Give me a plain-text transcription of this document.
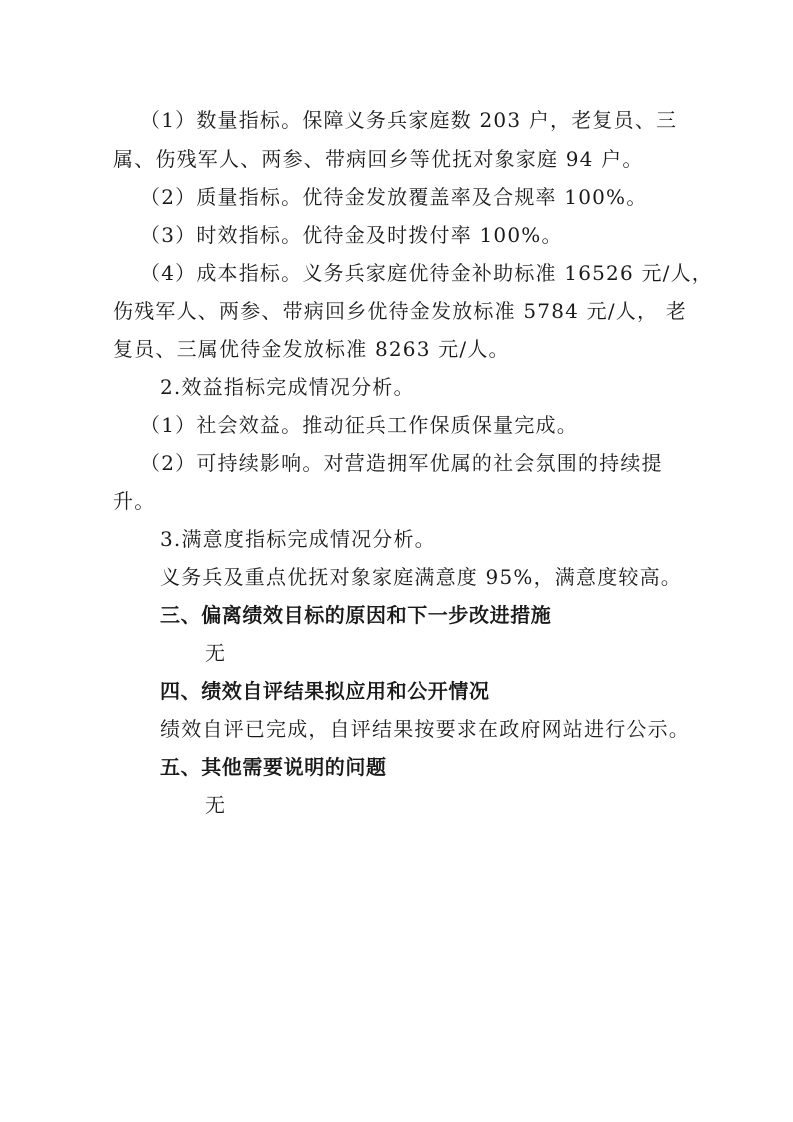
（1）数量指标。保障义务兵家庭数 203 户，老复员、三
属、伤残军人、两参、带病回乡等优抚对象家庭 94 户。
（2）质量指标。优待金发放覆盖率及合规率 100%。
（3）时效指标。优待金及时拨付率 100%。
（4）成本指标。义务兵家庭优待金补助标准 16526 元/人，
伤残军人、两参、带病回乡优待金发放标准 5784 元/人， 老
复员、三属优待金发放标准 8263 元/人。
2.效益指标完成情况分析。
（1）社会效益。推动征兵工作保质保量完成。
（2）可持续影响。对营造拥军优属的社会氛围的持续提
升。
3.满意度指标完成情况分析。
义务兵及重点优抚对象家庭满意度 95%，满意度较高。
三、偏离绩效目标的原因和下一步改进措施
无
四、绩效自评结果拟应用和公开情况
绩效自评已完成，自评结果按要求在政府网站进行公示。
五、其他需要说明的问题
无
